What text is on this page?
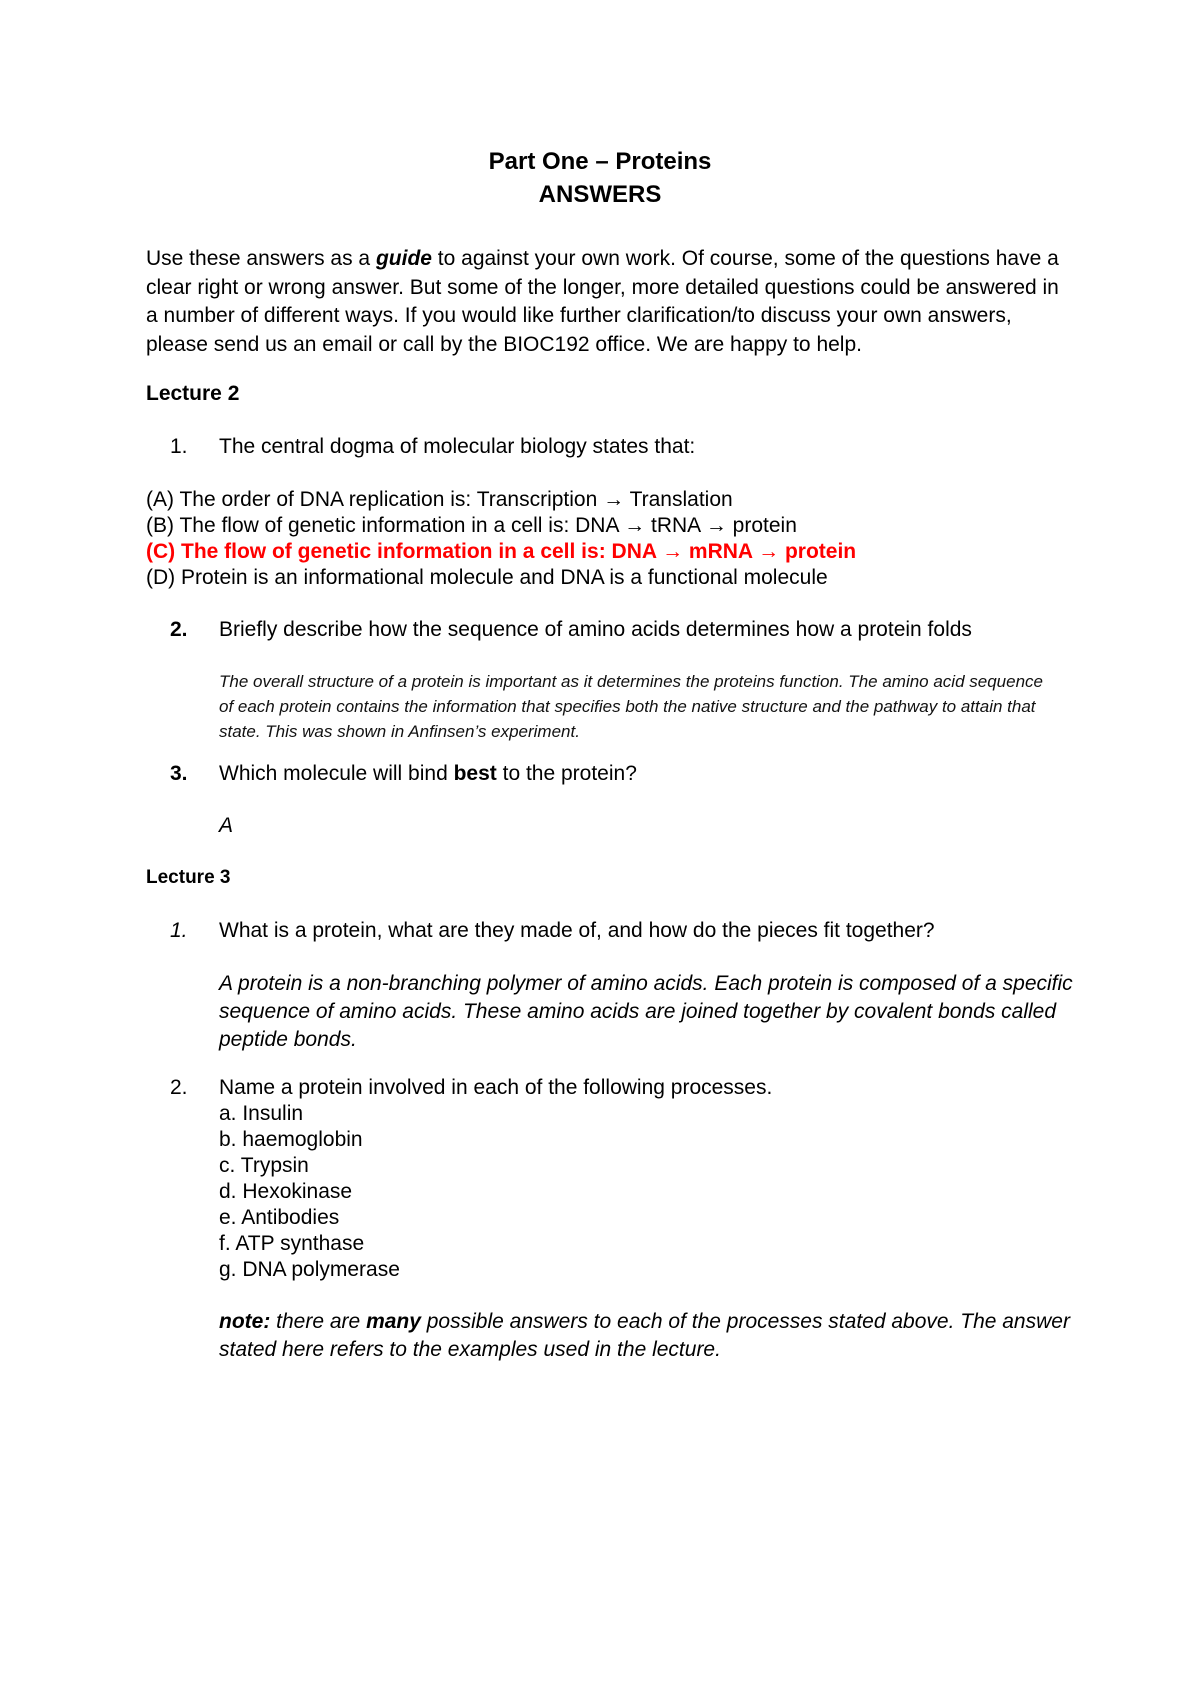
Part One – Proteins
ANSWERS
Use these answers as a guide to against your own work. Of course, some of the questions have a clear right or wrong answer. But some of the longer, more detailed questions could be answered in a number of different ways. If you would like further clarification/to discuss your own answers, please send us an email or call by the BIOC192 office. We are happy to help.
Lecture 2
1. The central dogma of molecular biology states that:
(A) The order of DNA replication is: Transcription → Translation
(B) The flow of genetic information in a cell is: DNA → tRNA → protein
(C) The flow of genetic information in a cell is: DNA → mRNA → protein
(D) Protein is an informational molecule and DNA is a functional molecule
2. Briefly describe how the sequence of amino acids determines how a protein folds
The overall structure of a protein is important as it determines the proteins function. The amino acid sequence of each protein contains the information that specifies both the native structure and the pathway to attain that state. This was shown in Anfinsen’s experiment.
3. Which molecule will bind best to the protein?
A
Lecture 3
1. What is a protein, what are they made of, and how do the pieces fit together?
A protein is a non-branching polymer of amino acids. Each protein is composed of a specific sequence of amino acids. These amino acids are joined together by covalent bonds called peptide bonds.
2. Name a protein involved in each of the following processes.
a. Insulin
b. haemoglobin
c. Trypsin
d. Hexokinase
e. Antibodies
f. ATP synthase
g. DNA polymerase
note: there are many possible answers to each of the processes stated above. The answer stated here refers to the examples used in the lecture.
